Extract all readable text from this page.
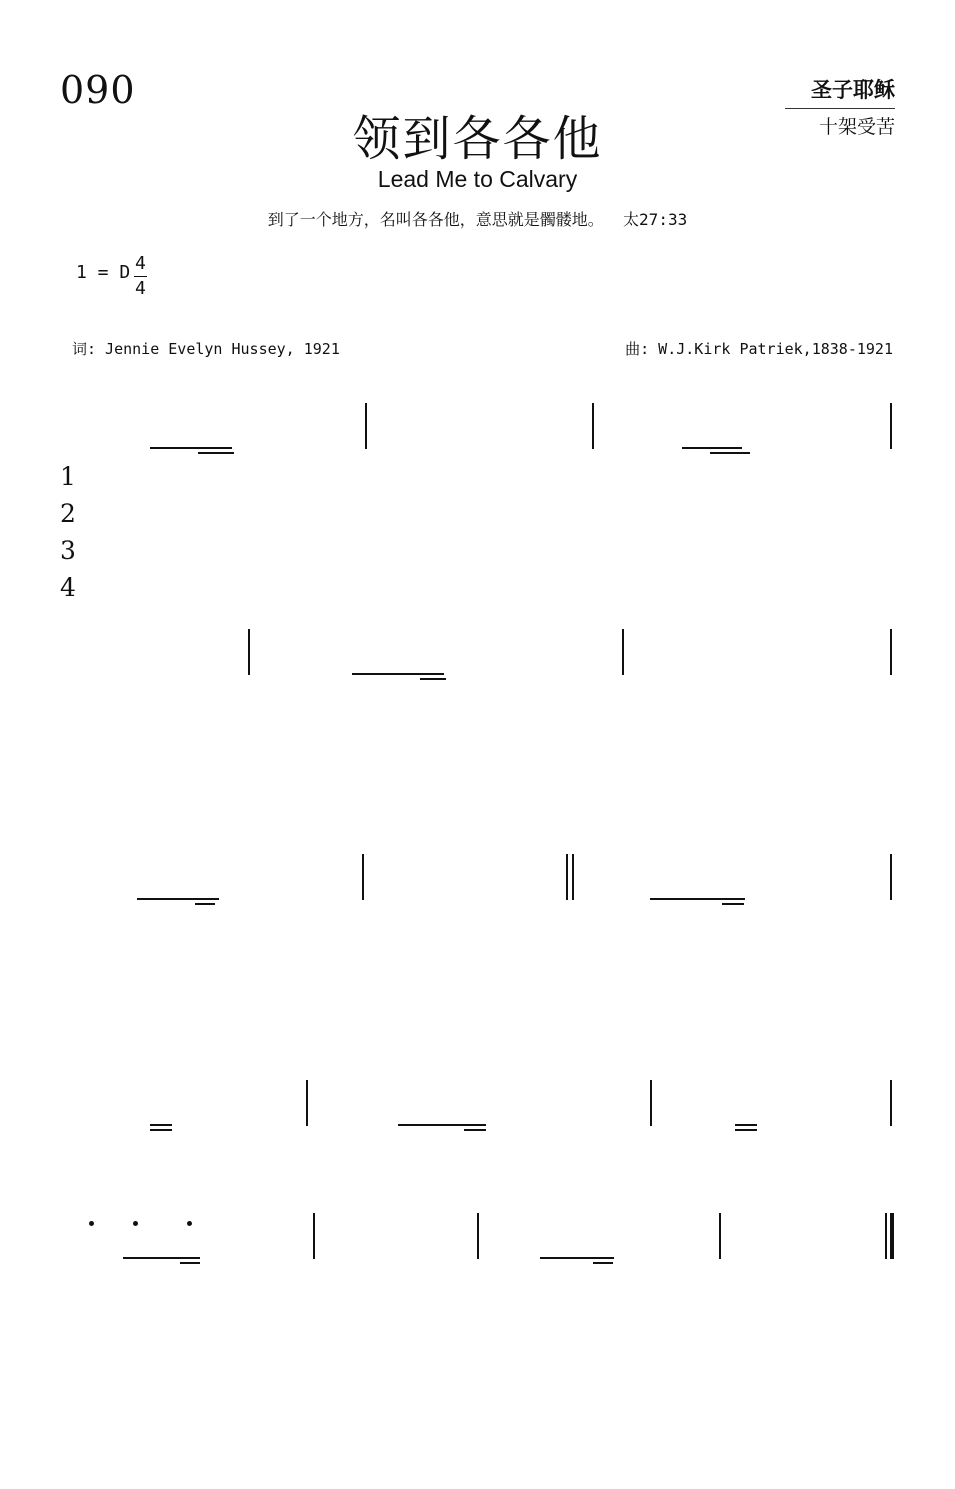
090	圣子耶稣
十架受苦
领到各各他
Lead Me to Calvary
到了一个地方，名叫各各他，意思就是髑髅地。  太27:33
1 = D 4
4
词: Jennie Evelyn Hussey, 1921	曲: W.J.Kirk Patriek,1838-1921
1
2
3
4
